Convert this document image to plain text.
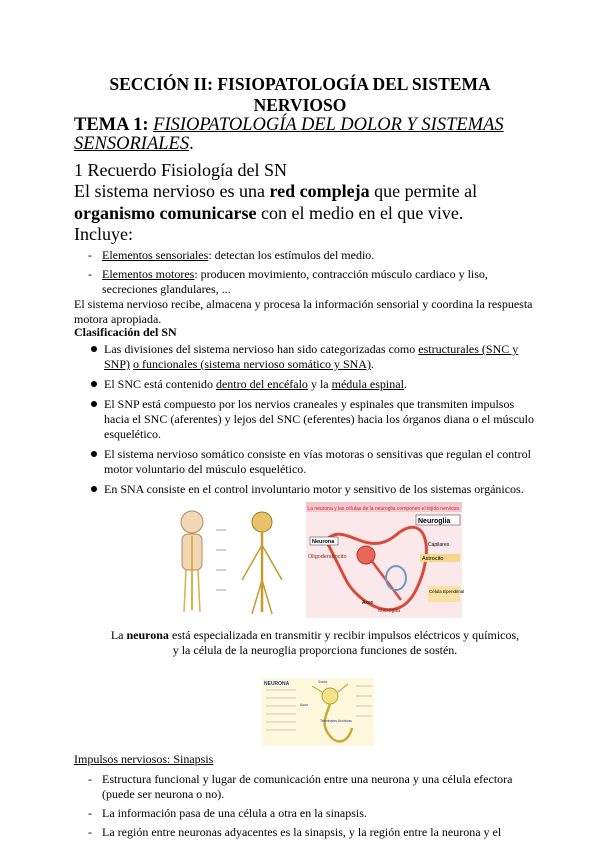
SECCIÓN II: FISIOPATOLOGÍA DEL SISTEMA
NERVIOSO
TEMA 1: FISIOPATOLOGÍA DEL DOLOR Y SISTEMAS SENSORIALES.
1 Recuerdo Fisiología del SN
El sistema nervioso es una red compleja que permite al organismo comunicarse con el medio en el que vive.
Incluye:
- Elementos sensoriales: detectan los estímulos del medio.
- Elementos motores: producen movimiento, contracción músculo cardiaco y liso, secreciones glandulares, ...
El sistema nervioso recibe, almacena y procesa la información sensorial y coordina la respuesta motora apropiada.
Clasificación del SN
Las divisiones del sistema nervioso han sido categorizadas como estructurales (SNC y SNP) o funcionales (sistema nervioso somático y SNA).
El SNC está contenido dentro del encéfalo y la médula espinal.
El SNP está compuesto por los nervios craneales y espinales que transmiten impulsos hacia el SNC (aferentes) y lejos del SNC (eferentes) hacia los órganos diana o el músculo esquelético.
El sistema nervioso somático consiste en vías motoras o sensitivas que regulan el control motor voluntario del músculo esquelético.
En SNA consiste en el control involuntario motor y sensitivo de los sistemas orgánicos.
La neurona y las células de la neuroglia componen el tejido nervioso.
Neuroglia
Neurona	Capilares
Astrocito
Oligodendrocito
Axon
Microglia
Célula Ependimal
La neurona está especializada en transmitir y recibir impulsos eléctricos y químicos, y la célula de la neuroglia proporciona funciones de sostén.
NEURONA	Soma
Axon
Terminales Axónicas
Impulsos nerviosos: Sinapsis
- Estructura funcional y lugar de comunicación entre una neurona y una célula efectora (puede ser neurona o no).
- La información pasa de una célula a otra en la sinapsis.
- La región entre neuronas adyacentes es la sinapsis, y la región entre la neurona y el
